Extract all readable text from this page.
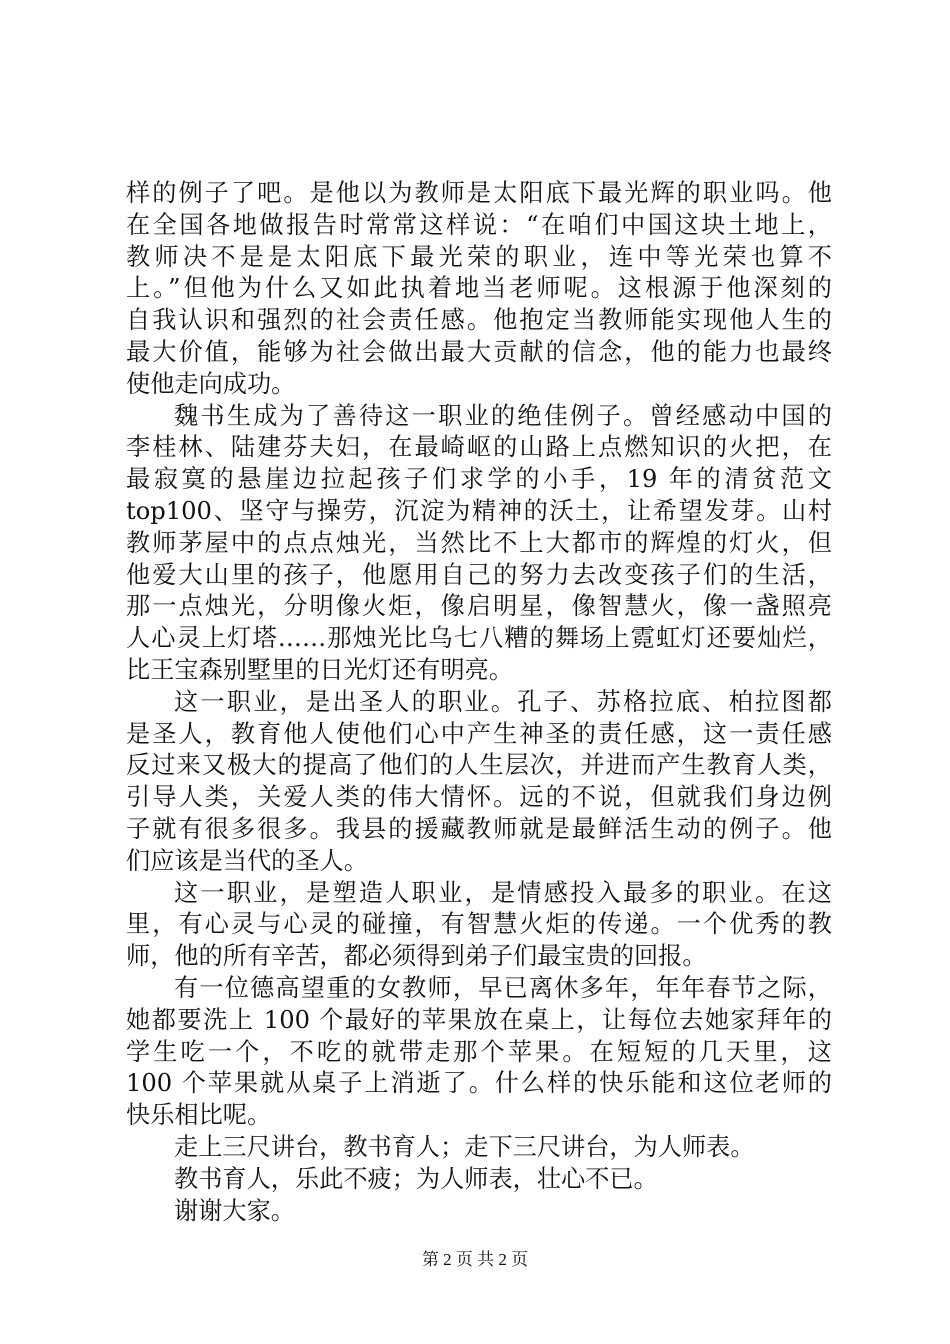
样的例子了吧。是他以为教师是太阳底下最光辉的职业吗。他
在全国各地做报告时常常这样说：“在咱们中国这块土地上，
教师决不是是太阳底下最光荣的职业，连中等光荣也算不
上。”但他为什么又如此执着地当老师呢。这根源于他深刻的
自我认识和强烈的社会责任感。他抱定当教师能实现他人生的
最大价值，能够为社会做出最大贡献的信念，他的能力也最终
使他走向成功。
魏书生成为了善待这一职业的绝佳例子。曾经感动中国的
李桂林、陆建芬夫妇，在最崎岖的山路上点燃知识的火把，在
最寂寞的悬崖边拉起孩子们求学的小手，19 年的清贫范文
top100、坚守与操劳，沉淀为精神的沃土，让希望发芽。山村
教师茅屋中的点点烛光，当然比不上大都市的辉煌的灯火，但
他爱大山里的孩子，他愿用自己的努力去改变孩子们的生活，
那一点烛光，分明像火炬，像启明星，像智慧火，像一盏照亮
人心灵上灯塔……那烛光比乌七八糟的舞场上霓虹灯还要灿烂，
比王宝森别墅里的日光灯还有明亮。
这一职业，是出圣人的职业。孔子、苏格拉底、柏拉图都
是圣人，教育他人使他们心中产生神圣的责任感，这一责任感
反过来又极大的提高了他们的人生层次，并进而产生教育人类，
引导人类，关爱人类的伟大情怀。远的不说，但就我们身边例
子就有很多很多。我县的援藏教师就是最鲜活生动的例子。他
们应该是当代的圣人。
这一职业，是塑造人职业，是情感投入最多的职业。在这
里，有心灵与心灵的碰撞，有智慧火炬的传递。一个优秀的教
师，他的所有辛苦，都必须得到弟子们最宝贵的回报。
有一位德高望重的女教师，早已离休多年，年年春节之际，
她都要洗上 100 个最好的苹果放在桌上，让每位去她家拜年的
学生吃一个，不吃的就带走那个苹果。在短短的几天里，这
100 个苹果就从桌子上消逝了。什么样的快乐能和这位老师的
快乐相比呢。
走上三尺讲台，教书育人；走下三尺讲台，为人师表。
教书育人，乐此不疲；为人师表，壮心不已。
谢谢大家。
第 2 页 共 2 页
